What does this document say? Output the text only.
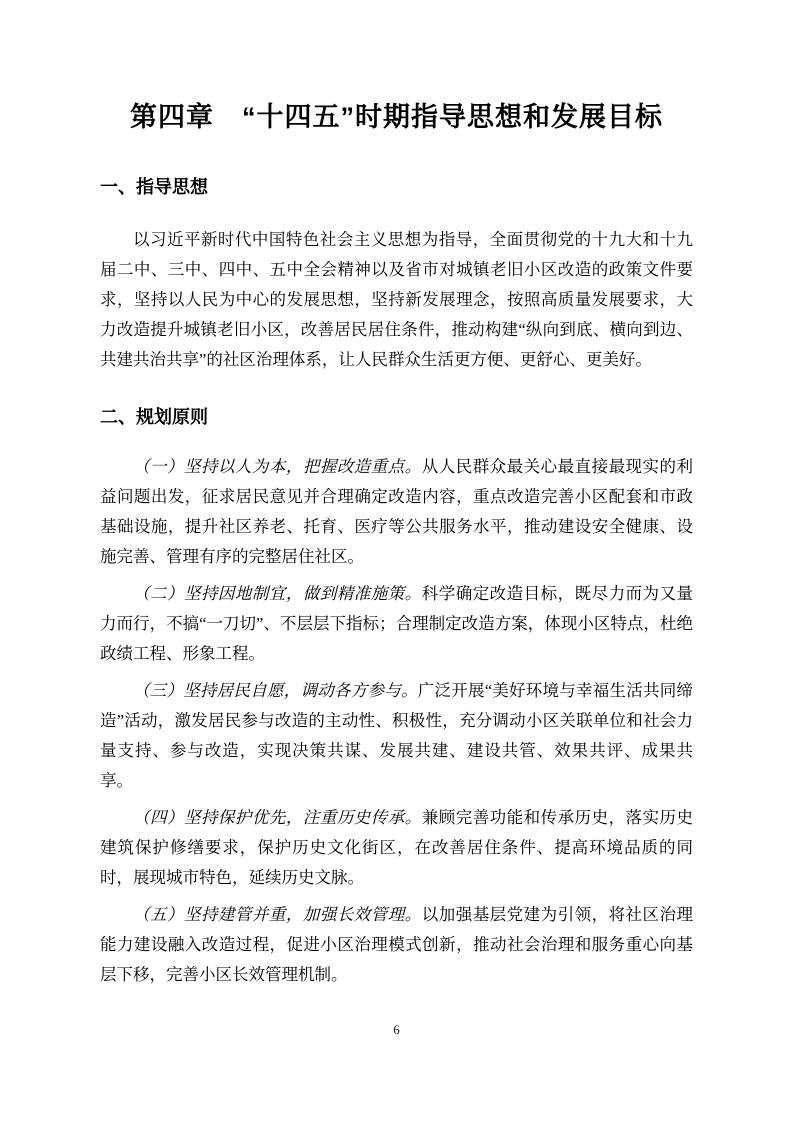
第四章　“十四五”时期指导思想和发展目标
一、指导思想

以习近平新时代中国特色社会主义思想为指导，全面贯彻党的十九大和十九届二中、三中、四中、五中全会精神以及省市对城镇老旧小区改造的政策文件要求，坚持以人民为中心的发展思想，坚持新发展理念，按照高质量发展要求，大力改造提升城镇老旧小区，改善居民居住条件，推动构建“纵向到底、横向到边、共建共治共享”的社区治理体系，让人民群众生活更方便、更舒心、更美好。

二、规划原则

（一）坚持以人为本，把握改造重点。从人民群众最关心最直接最现实的利益问题出发，征求居民意见并合理确定改造内容，重点改造完善小区配套和市政基础设施，提升社区养老、托育、医疗等公共服务水平，推动建设安全健康、设施完善、管理有序的完整居住社区。

（二）坚持因地制宜，做到精准施策。科学确定改造目标，既尽力而为又量力而行，不搞“一刀切”、不层层下指标；合理制定改造方案，体现小区特点，杜绝政绩工程、形象工程。

（三）坚持居民自愿，调动各方参与。广泛开展“美好环境与幸福生活共同缔造”活动，激发居民参与改造的主动性、积极性，充分调动小区关联单位和社会力量支持、参与改造，实现决策共谋、发展共建、建设共管、效果共评、成果共享。

（四）坚持保护优先，注重历史传承。兼顾完善功能和传承历史，落实历史建筑保护修缮要求，保护历史文化街区，在改善居住条件、提高环境品质的同时，展现城市特色，延续历史文脉。

（五）坚持建管并重，加强长效管理。以加强基层党建为引领，将社区治理能力建设融入改造过程，促进小区治理模式创新，推动社会治理和服务重心向基层下移，完善小区长效管理机制。

6
